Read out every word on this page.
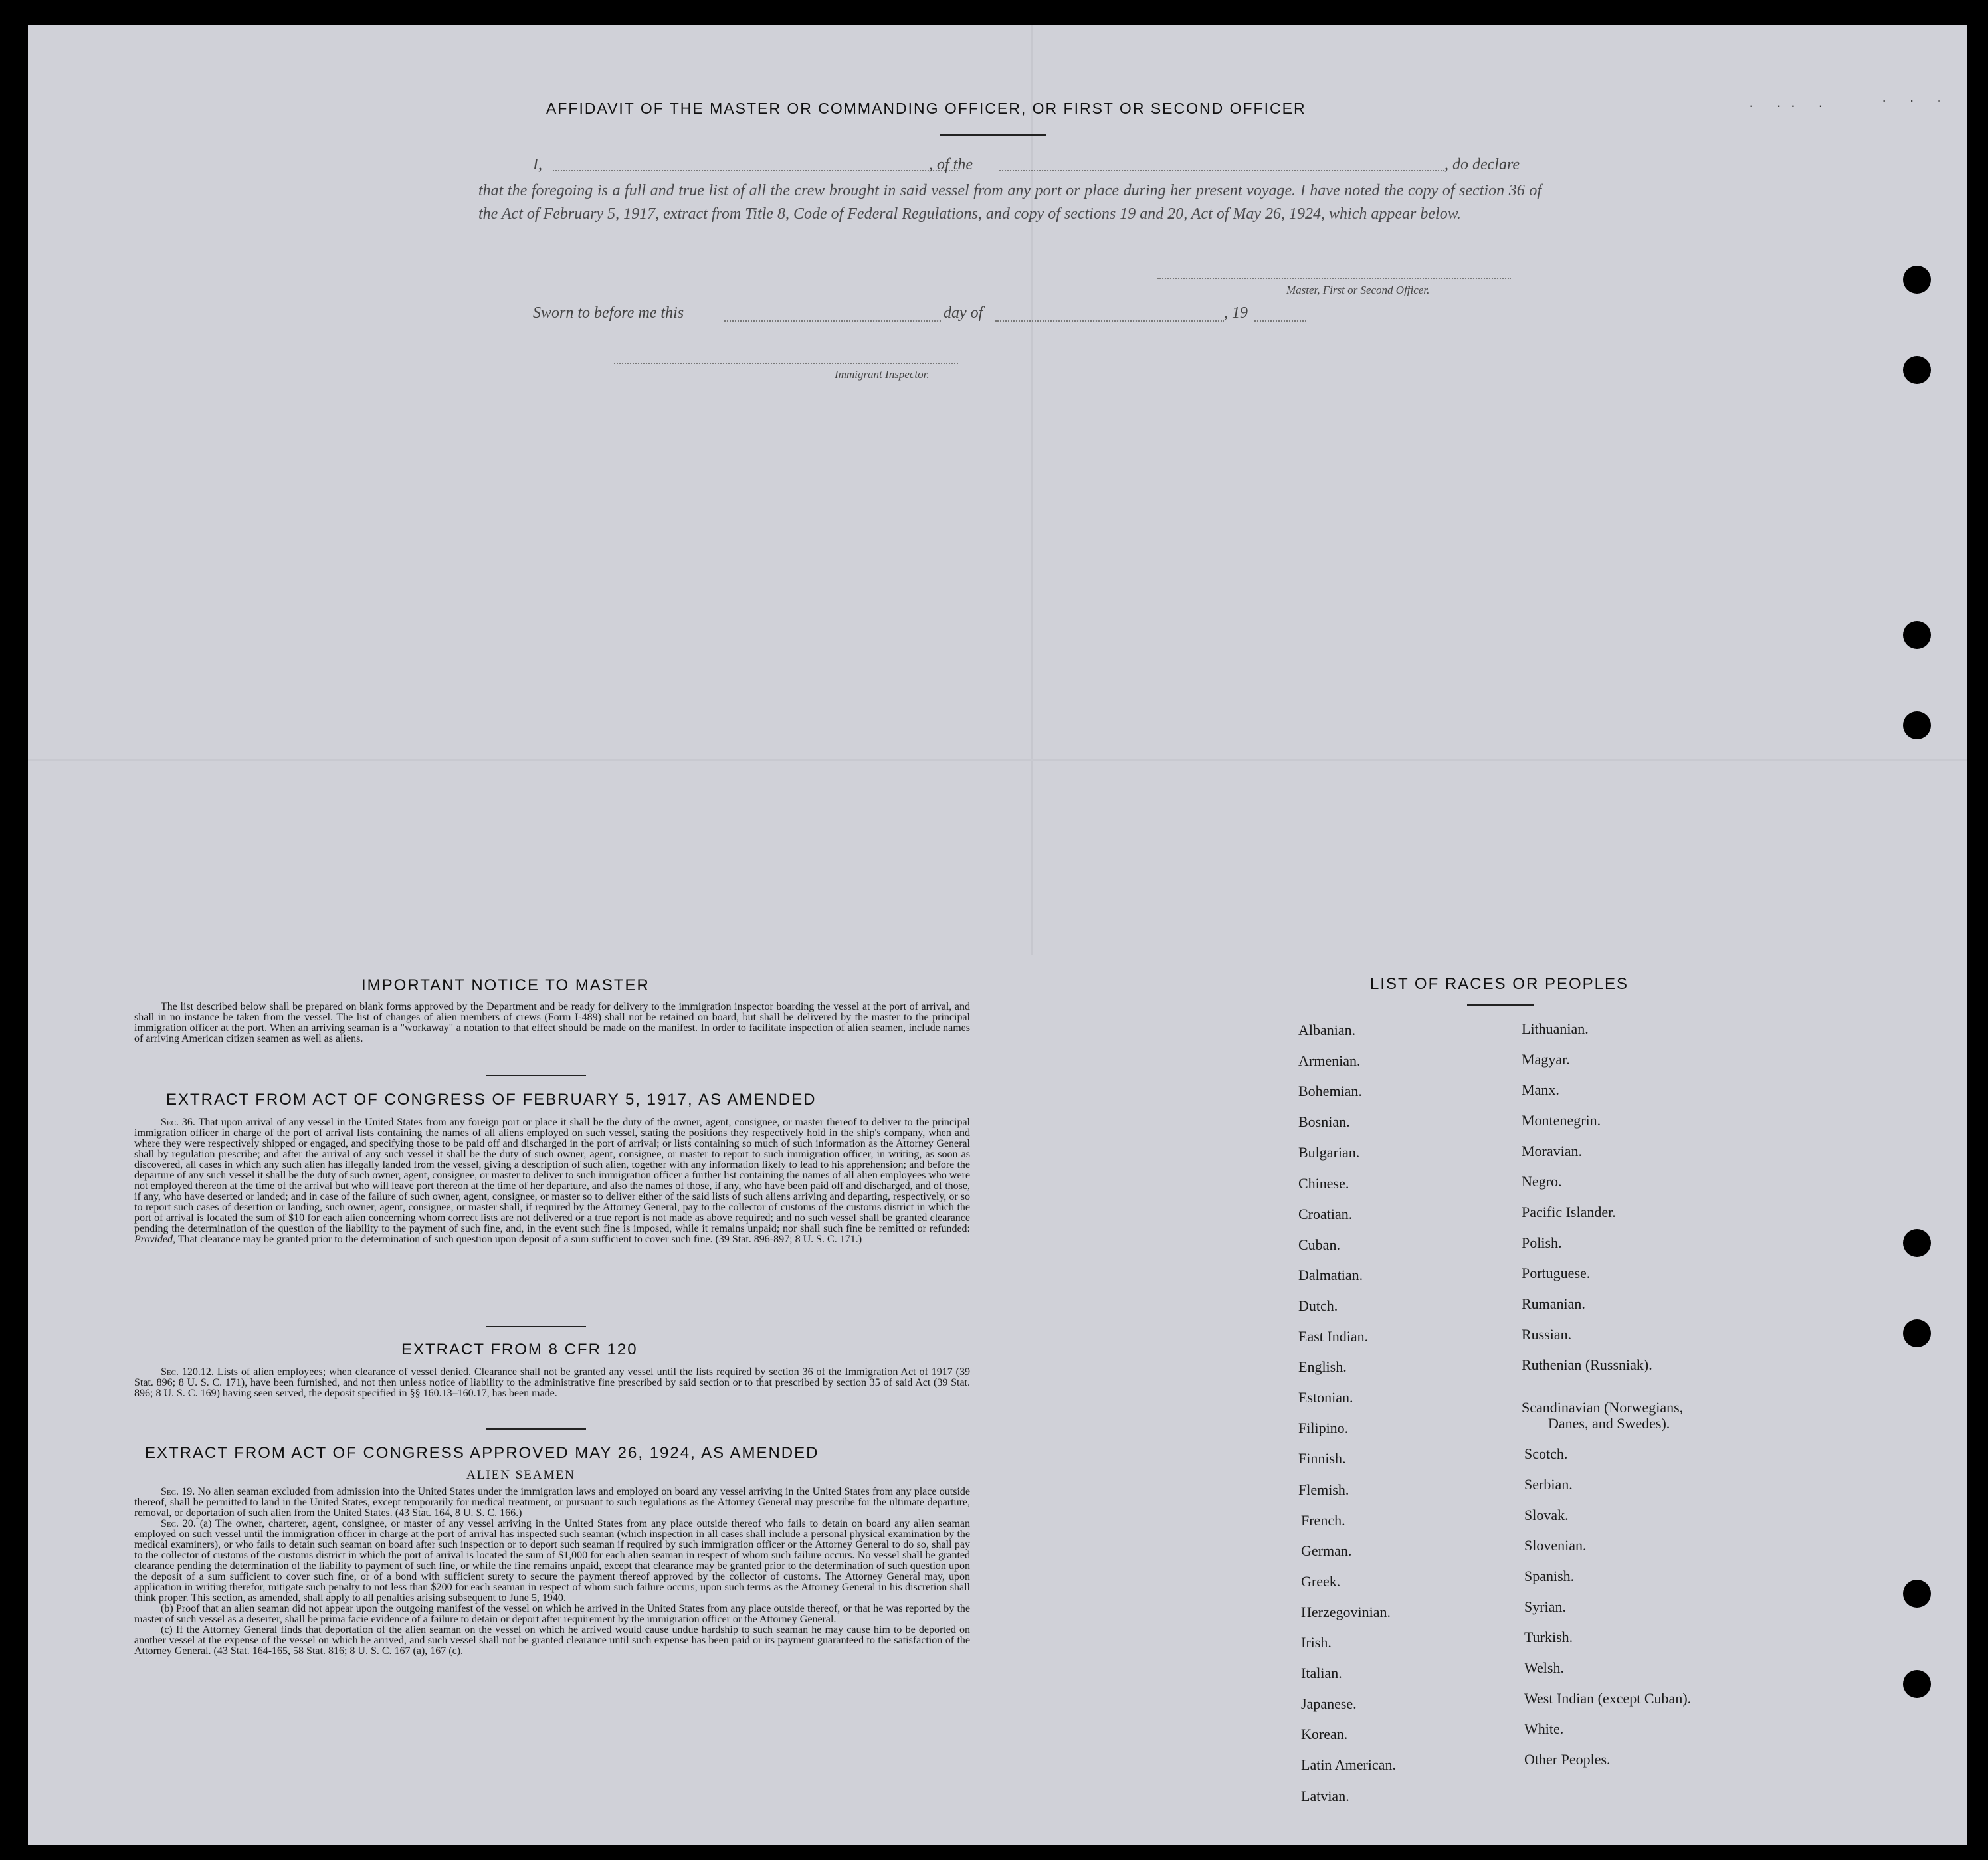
· ·· ·	· · ·
AFFIDAVIT OF THE MASTER OR COMMANDING OFFICER, OR FIRST OR SECOND OFFICER
I,	, of the	, do declare
that the foregoing is a full and true list of all the crew brought in said vessel from any port or place during her present voyage. I have noted the copy of section 36 of the Act of February 5, 1917, extract from Title 8, Code of Federal Regulations, and copy of sections 19 and 20, Act of May 26, 1924, which appear below.
Master, First or Second Officer.
Sworn to before me this	day of	, 19
Immigrant Inspector.
IMPORTANT NOTICE TO MASTER

The list described below shall be prepared on blank forms approved by the Department and be ready for delivery to the immigration inspector boarding the vessel at the port of arrival, and shall in no instance be taken from the vessel. The list of changes of alien members of crews (Form I-489) shall not be retained on board, but shall be delivered by the master to the principal immigration officer at the port. When an arriving seaman is a "workaway" a notation to that effect should be made on the manifest. In order to facilitate inspection of alien seamen, include names of arriving American citizen seamen as well as aliens.

EXTRACT FROM ACT OF CONGRESS OF FEBRUARY 5, 1917, AS AMENDED

Sec. 36. That upon arrival of any vessel in the United States from any foreign port or place it shall be the duty of the owner, agent, consignee, or master thereof to deliver to the principal immigration officer in charge of the port of arrival lists containing the names of all aliens employed on such vessel, stating the positions they respectively hold in the ship's company, when and where they were respectively shipped or engaged, and specifying those to be paid off and discharged in the port of arrival; or lists containing so much of such information as the Attorney General shall by regulation prescribe; and after the arrival of any such vessel it shall be the duty of such owner, agent, consignee, or master to report to such immigration officer, in writing, as soon as discovered, all cases in which any such alien has illegally landed from the vessel, giving a description of such alien, together with any information likely to lead to his apprehension; and before the departure of any such vessel it shall be the duty of such owner, agent, consignee, or master to deliver to such immigration officer a further list containing the names of all alien employees who were not employed thereon at the time of the arrival but who will leave port thereon at the time of her departure, and also the names of those, if any, who have been paid off and discharged, and of those, if any, who have deserted or landed; and in case of the failure of such owner, agent, consignee, or master so to deliver either of the said lists of such aliens arriving and departing, respectively, or so to report such cases of desertion or landing, such owner, agent, consignee, or master shall, if required by the Attorney General, pay to the collector of customs of the customs district in which the port of arrival is located the sum of $10 for each alien concerning whom correct lists are not delivered or a true report is not made as above required; and no such vessel shall be granted clearance pending the determination of the question of the liability to the payment of such fine, and, in the event such fine is imposed, while it remains unpaid; nor shall such fine be remitted or refunded: Provided, That clearance may be granted prior to the determination of such question upon deposit of a sum sufficient to cover such fine. (39 Stat. 896-897; 8 U. S. C. 171.)

EXTRACT FROM 8 CFR 120

Sec. 120.12. Lists of alien employees; when clearance of vessel denied. Clearance shall not be granted any vessel until the lists required by section 36 of the Immigration Act of 1917 (39 Stat. 896; 8 U. S. C. 171), have been furnished, and not then unless notice of liability to the administrative fine prescribed by said section or to that prescribed by section 35 of said Act (39 Stat. 896; 8 U. S. C. 169) having seen served, the deposit specified in §§ 160.13–160.17, has been made.

EXTRACT FROM ACT OF CONGRESS APPROVED MAY 26, 1924, AS AMENDED
ALIEN SEAMEN

Sec. 19. No alien seaman excluded from admission into the United States under the immigration laws and employed on board any vessel arriving in the United States from any place outside thereof, shall be permitted to land in the United States, except temporarily for medical treatment, or pursuant to such regulations as the Attorney General may prescribe for the ultimate departure, removal, or deportation of such alien from the United States. (43 Stat. 164, 8 U. S. C. 166.)

Sec. 20. (a) The owner, charterer, agent, consignee, or master of any vessel arriving in the United States from any place outside thereof who fails to detain on board any alien seaman employed on such vessel until the immigration officer in charge at the port of arrival has inspected such seaman (which inspection in all cases shall include a personal physical examination by the medical examiners), or who fails to detain such seaman on board after such inspection or to deport such seaman if required by such immigration officer or the Attorney General to do so, shall pay to the collector of customs of the customs district in which the port of arrival is located the sum of $1,000 for each alien seaman in respect of whom such failure occurs. No vessel shall be granted clearance pending the determination of the liability to payment of such fine, or while the fine remains unpaid, except that clearance may be granted prior to the determination of such question upon the deposit of a sum sufficient to cover such fine, or of a bond with sufficient surety to secure the payment thereof approved by the collector of customs. The Attorney General may, upon application in writing therefor, mitigate such penalty to not less than $200 for each seaman in respect of whom such failure occurs, upon such terms as the Attorney General in his discretion shall think proper. This section, as amended, shall apply to all penalties arising subsequent to June 5, 1940.

(b) Proof that an alien seaman did not appear upon the outgoing manifest of the vessel on which he arrived in the United States from any place outside thereof, or that he was reported by the master of such vessel as a deserter, shall be prima facie evidence of a failure to detain or deport after requirement by the immigration officer or the Attorney General.

(c) If the Attorney General finds that deportation of the alien seaman on the vessel on which he arrived would cause undue hardship to such seaman he may cause him to be deported on another vessel at the expense of the vessel on which he arrived, and such vessel shall not be granted clearance until such expense has been paid or its payment guaranteed to the satisfaction of the Attorney General. (43 Stat. 164-165, 58 Stat. 816; 8 U. S. C. 167 (a), 167 (c).

LIST OF RACES OR PEOPLES
Albanian.
Armenian.
Bohemian.
Bosnian.
Bulgarian.
Chinese.
Croatian.
Cuban.
Dalmatian.
Dutch.
East Indian.
English.
Estonian.
Filipino.
Finnish.
Flemish.
French.
German.
Greek.
Herzegovinian.
Irish.
Italian.
Japanese.
Korean.
Latin American.
Latvian.
Lithuanian.
Magyar.
Manx.
Montenegrin.
Moravian.
Negro.
Pacific Islander.
Polish.
Portuguese.
Rumanian.
Russian.
Ruthenian (Russniak).
Scandinavian (Norwegians,
Danes, and Swedes).
Scotch.
Serbian.
Slovak.
Slovenian.
Spanish.
Syrian.
Turkish.
Welsh.
West Indian (except Cuban).
White.
Other Peoples.
